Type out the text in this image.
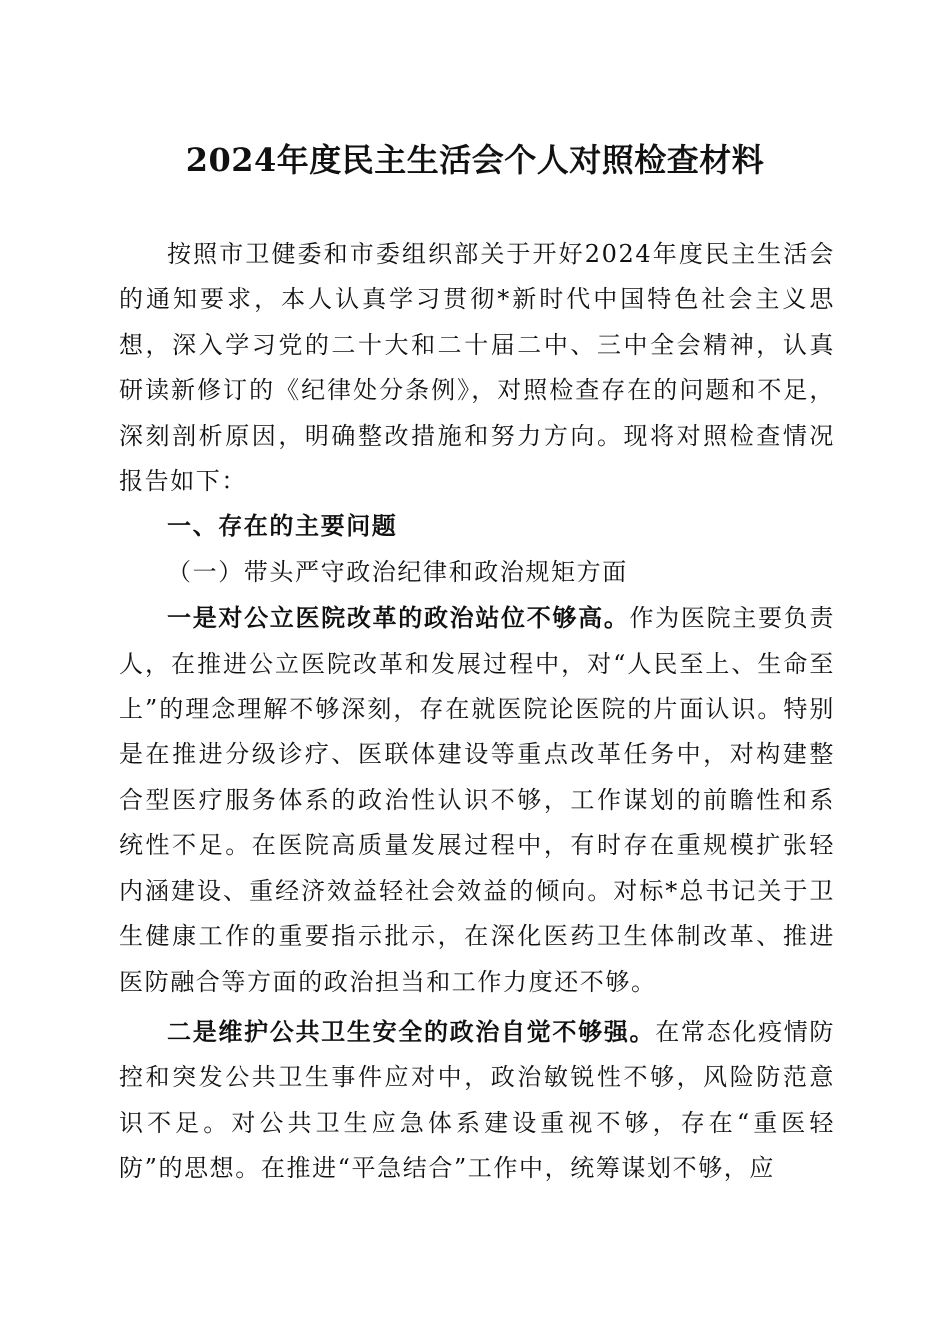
2024年度民主生活会个人对照检查材料

按照市卫健委和市委组织部关于开好2024年度民主生活会的通知要求，本人认真学习贯彻*新时代中国特色社会主义思想，深入学习党的二十大和二十届二中、三中全会精神，认真研读新修订的《纪律处分条例》，对照检查存在的问题和不足，深刻剖析原因，明确整改措施和努力方向。现将对照检查情况报告如下：

一、存在的主要问题

（一）带头严守政治纪律和政治规矩方面

一是对公立医院改革的政治站位不够高。作为医院主要负责人，在推进公立医院改革和发展过程中，对“人民至上、生命至上”的理念理解不够深刻，存在就医院论医院的片面认识。特别是在推进分级诊疗、医联体建设等重点改革任务中，对构建整合型医疗服务体系的政治性认识不够，工作谋划的前瞻性和系统性不足。在医院高质量发展过程中，有时存在重规模扩张轻内涵建设、重经济效益轻社会效益的倾向。对标*总书记关于卫生健康工作的重要指示批示，在深化医药卫生体制改革、推进医防融合等方面的政治担当和工作力度还不够。

二是维护公共卫生安全的政治自觉不够强。在常态化疫情防控和突发公共卫生事件应对中，政治敏锐性不够，风险防范意识不足。对公共卫生应急体系建设重视不够，存在“重医轻防”的思想。在推进“平急结合”工作中，统筹谋划不够，应
